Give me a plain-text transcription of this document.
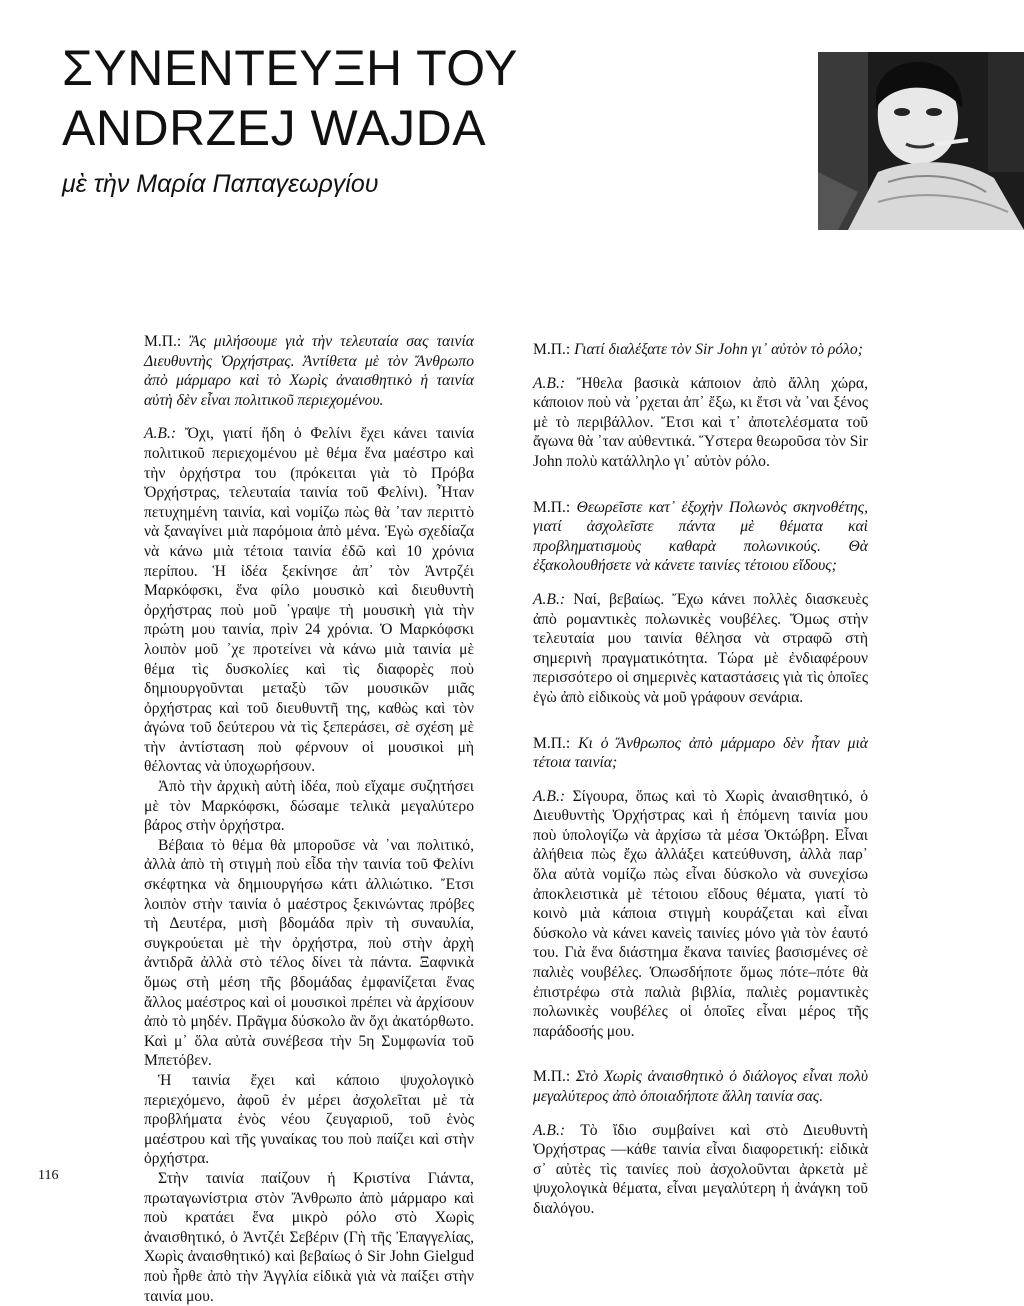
ΣΥΝΕΝΤΕΥΞΗ ΤΟΥ
ANDRZEJ WAJDA
μὲ τὴν Μαρία Παπαγεωργίου

Μ.Π.: Ἂς μιλήσουμε γιὰ τὴν τελευταία σας ταινία Διευθυντὴς Ὀρχήστρας. Ἀντίθετα μὲ τὸν Ἄνθρωπο ἀπὸ μάρμαρο καὶ τὸ Χωρὶς ἀναισθητικὸ ἡ ταινία αὐτὴ δὲν εἶναι πολιτικοῦ περιεχομένου.

Α.Β.: Ὄχι, γιατί ἤδη ὁ Φελίνι ἔχει κάνει ταινία πολιτικοῦ περιεχομένου μὲ θέμα ἕνα μαέστρο καὶ τὴν ὀρχήστρα του (πρόκειται γιὰ τὸ Πρόβα Ὀρχήστρας, τελευταία ταινία τοῦ Φελίνι). Ἦταν πετυχημένη ταινία, καὶ νομίζω πὼς θὰ ᾽ταν περιττὸ νὰ ξαναγίνει μιὰ παρόμοια ἀπὸ μένα. Ἐγὼ σχεδίαζα νὰ κάνω μιὰ τέτοια ταινία ἐδῶ καὶ 10 χρόνια περίπου. Ἡ ἰδέα ξεκίνησε ἀπ᾽ τὸν Ἀντρζέι Μαρκόφσκι, ἕνα φίλο μουσικὸ καὶ διευθυντὴ ὀρχήστρας ποὺ μοῦ ᾽γραψε τὴ μουσικὴ γιὰ τὴν πρώτη μου ταινία, πρὶν 24 χρόνια. Ὁ Μαρκόφσκι λοιπὸν μοῦ ᾽χε προτείνει νὰ κάνω μιὰ ταινία μὲ θέμα τὶς δυσκολίες καὶ τὶς διαφορὲς ποὺ δημιουργοῦνται μεταξὺ τῶν μουσικῶν μιᾶς ὀρχήστρας καὶ τοῦ διευθυντῆ της, καθὼς καὶ τὸν ἀγώνα τοῦ δεύτερου νὰ τὶς ξεπεράσει, σὲ σχέση μὲ τὴν ἀντίσταση ποὺ φέρνουν οἱ μουσικοὶ μὴ θέλοντας νὰ ὑποχωρήσουν.

Ἀπὸ τὴν ἀρχικὴ αὐτὴ ἰδέα, ποὺ εἴχαμε συζητήσει μὲ τὸν Μαρκόφσκι, δώσαμε τελικὰ μεγαλύτερο βάρος στὴν ὀρχήστρα.

Βέβαια τὸ θέμα θὰ μποροῦσε νὰ ᾽ναι πολιτικό, ἀλλὰ ἀπὸ τὴ στιγμὴ ποὺ εἶδα τὴν ταινία τοῦ Φελίνι σκέφτηκα νὰ δημιουργήσω κάτι ἀλλιώτικο. Ἔτσι λοιπὸν στὴν ταινία ὁ μαέστρος ξεκινώντας πρόβες τὴ Δευτέρα, μισὴ βδομάδα πρὶν τὴ συναυλία, συγκρούεται μὲ τὴν ὀρχήστρα, ποὺ στὴν ἀρχὴ ἀντιδρᾶ ἀλλὰ στὸ τέλος δίνει τὰ πάντα. Ξαφνικὰ ὅμως στὴ μέση τῆς βδομάδας ἐμφανίζεται ἕνας ἄλλος μαέστρος καὶ οἱ μουσικοὶ πρέπει νὰ ἀρχίσουν ἀπὸ τὸ μηδέν. Πρᾶγμα δύσκολο ἂν ὄχι ἀκατόρθωτο. Καὶ μ᾽ ὅλα αὐτὰ συνέβεσα τὴν 5η Συμφωνία τοῦ Μπετόβεν.

Ἡ ταινία ἔχει καὶ κάποιο ψυχολογικὸ περιεχόμενο, ἀφοῦ ἐν μέρει ἀσχολεῖται μὲ τὰ προβλήματα ἑνὸς νέου ζευγαριοῦ, τοῦ ἑνὸς μαέστρου καὶ τῆς γυναίκας του ποὺ παίζει καὶ στὴν ὀρχήστρα.

Στὴν ταινία παίζουν ἡ Κριστίνα Γιάντα, πρωταγωνίστρια στὸν Ἄνθρωπο ἀπὸ μάρμαρο καὶ ποὺ κρατάει ἕνα μικρὸ ρόλο στὸ Χωρὶς ἀναισθητικό, ὁ Ἀντζέι Σεβέριν (Γὴ τῆς Ἐπαγγελίας, Χωρὶς ἀναισθητικό) καὶ βεβαίως ὁ Sir John Gielgud ποὺ ἦρθε ἀπὸ τὴν Ἀγγλία εἰδικὰ γιὰ νὰ παίξει στὴν ταινία μου.

Μ.Π.: Γιατί διαλέξατε τὸν Sir John γι᾽ αὐτὸν τὸ ρόλο;

Α.Β.: Ἤθελα βασικὰ κάποιον ἀπὸ ἄλλη χώρα, κάποιον ποὺ νὰ ᾽ρχεται ἀπ᾽ ἔξω, κι ἔτσι νὰ ᾽ναι ξένος μὲ τὸ περιβάλλον. Ἔτσι καὶ τ᾽ ἀποτελέσματα τοῦ ἄγωνα θὰ ᾽ταν αὐθεντικά. Ὕστερα θεωροῦσα τὸν Sir John πολὺ κατάλληλο γι᾽ αὐτὸν ρόλο.

Μ.Π.: Θεωρεῖστε κατ᾽ ἐξοχὴν Πολωνὸς σκηνοθέτης, γιατί ἀσχολεῖστε πάντα μὲ θέματα καὶ προβληματισμοὺς καθαρὰ πολωνικούς. Θὰ ἐξακολουθήσετε νὰ κάνετε ταινίες τέτοιου εἴδους;

Α.Β.: Ναί, βεβαίως. Ἔχω κάνει πολλὲς διασκευὲς ἀπὸ ρομαντικὲς πολωνικὲς νουβέλες. Ὅμως στὴν τελευταία μου ταινία θέλησα νὰ στραφῶ στὴ σημερινὴ πραγματικότητα. Τώρα μὲ ἐνδιαφέρουν περισσότερο οἱ σημερινὲς καταστάσεις γιὰ τὶς ὁποῖες ἐγὼ ἀπὸ εἰδικοὺς νὰ μοῦ γράφουν σενάρια.

Μ.Π.: Κι ὁ Ἄνθρωπος ἀπὸ μάρμαρο δὲν ἦταν μιὰ τέτοια ταινία;

Α.Β.: Σίγουρα, ὅπως καὶ τὸ Χωρὶς ἀναισθητικό, ὁ Διευθυντὴς Ὀρχήστρας καὶ ἡ ἑπόμενη ταινία μου ποὺ ὑπολογίζω νὰ ἀρχίσω τὰ μέσα Ὀκτώβρη. Εἶναι ἀλήθεια πὼς ἔχω ἀλλάξει κατεύθυνση, ἀλλὰ παρ᾽ ὅλα αὐτὰ νομίζω πὼς εἶναι δύσκολο νὰ συνεχίσω ἀποκλειστικὰ μὲ τέτοιου εἴδους θέματα, γιατί τὸ κοινὸ μιὰ κάποια στιγμὴ κουράζεται καὶ εἶναι δύσκολο νὰ κάνει κανεὶς ταινίες μόνο γιὰ τὸν ἑαυτό του. Γιὰ ἕνα διάστημα ἔκανα ταινίες βασισμένες σὲ παλιὲς νουβέλες. Ὁπωσδήποτε ὅμως πότε–πότε θὰ ἐπιστρέφω στὰ παλιὰ βιβλία, παλιὲς ρομαντικὲς πολωνικὲς νουβέλες οἱ ὁποῖες εἶναι μέρος τῆς παράδοσής μου.

Μ.Π.: Στὸ Χωρὶς ἀναισθητικὸ ὁ διάλογος εἶναι πολὺ μεγαλύτερος ἀπὸ ὁποιαδήποτε ἄλλη ταινία σας.

Α.Β.: Τὸ ἴδιο συμβαίνει καὶ στὸ Διευθυντὴ Ὀρχήστρας —κάθε ταινία εἶναι διαφορετική: εἰδικὰ σ᾽ αὐτὲς τὶς ταινίες ποὺ ἀσχολοῦνται ἀρκετὰ μὲ ψυχολογικὰ θέματα, εἶναι μεγαλύτερη ἡ ἀνάγκη τοῦ διαλόγου.

116
